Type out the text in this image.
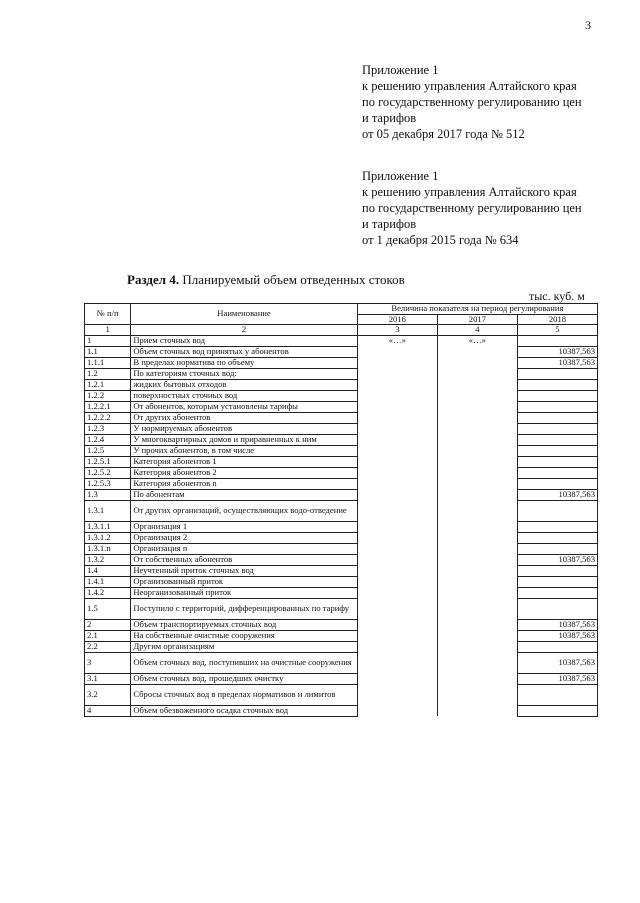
3
Приложение 1
к решению управления Алтайского края
по государственному регулированию цен
и тарифов
от 05 декабря 2017 года № 512
Приложение 1
к решению управления Алтайского края
по государственному регулированию цен
и тарифов
от 1 декабря 2015 года № 634
Раздел 4. Планируемый объем отведенных стоков
тыс. куб. м
№ п/п	Наименование	Величина показателя на период регулирования		
		2016	2017	2018
1	2	3	4	5
1	Прием сточных вод	«…»	«…»	
1.1	Объем сточных вод принятых у абонентов			10387,563
1.1.1	В пределах норматива по объему			10387,563
1.2	По категориям сточных вод:			
1.2.1	жидких бытовых отходов			
1.2.2	поверхностных сточных вод			
1.2.2.1	От абонентов, которым установлены тарифы			
1.2.2.2	От других абонентов			
1.2.3	У нормируемых абонентов			
1.2.4	У многоквартирных домов и приравненных к ним			
1.2.5	У прочих абонентов, в том числе			
1.2.5.1	Категория абонентов 1			
1.2.5.2	Категория абонентов 2			
1.2.5.3	Категория абонентов n			
1.3	По абонентам			10387,563
1.3.1	От других организаций, осуществляющих водо-отведение			
1.3.1.1	Организация 1			
1.3.1.2	Организация 2			
1.3.1.n	Организация n			
1.3.2	От собственных абонентов			10387,563
1.4	Неучтенный приток сточных вод			
1.4.1	Организованный приток			
1.4.2	Неорганизованный приток			
1.5	Поступило с территорий, дифференцированных по тарифу			
2	Объем транспортируемых сточных вод			10387,563
2.1	На собственные очистные сооружения			10387,563
2.2	Другим организациям			
3	Объем сточных вод, поступивших на очистные сооружения			10387,563
3.1	Объем сточных вод, прошедших очистку			10387,563
3.2	Сбросы сточных вод в пределах нормативов и лимитов			
4	Объем обезвоженного осадка сточных вод			
